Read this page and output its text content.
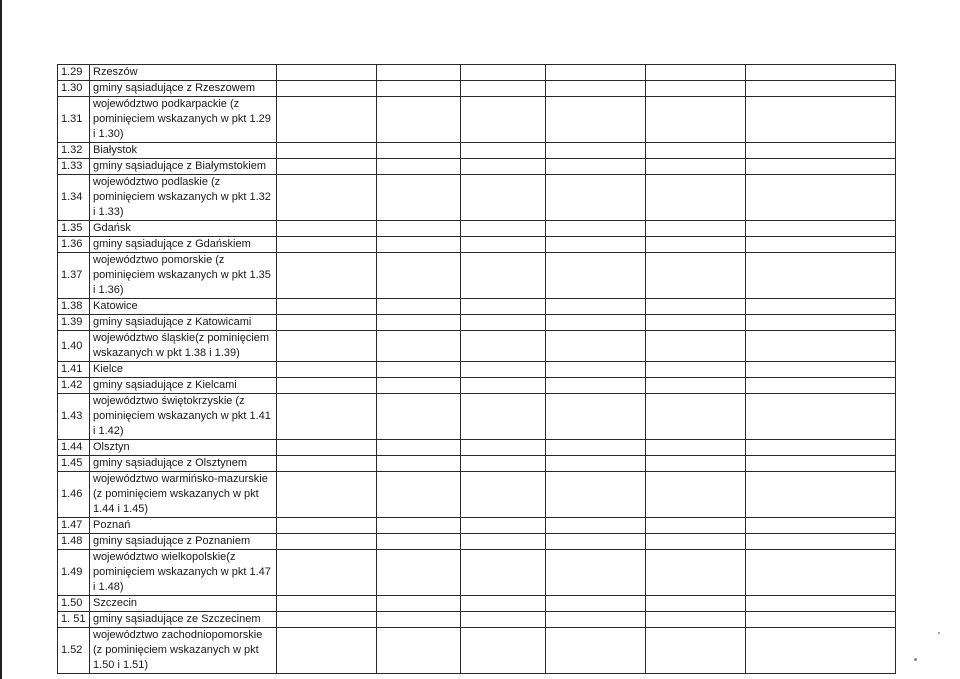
1.29	Rzeszów						
1.30	gminy sąsiadujące z Rzeszowem						
1.31	województwo podkarpackie (z pominięciem wskazanych w pkt 1.29 i 1.30)						
1.32	Białystok						
1.33	gminy sąsiadujące z Białymstokiem						
1.34	województwo podlaskie (z pominięciem wskazanych w pkt 1.32 i 1.33)						
1.35	Gdańsk						
1.36	gminy sąsiadujące z Gdańskiem						
1.37	województwo pomorskie (z pominięciem wskazanych w pkt 1.35 i 1.36)						
1.38	Katowice						
1.39	gminy sąsiadujące z Katowicami						
1.40	województwo śląskie(z pominięciem wskazanych w pkt 1.38 i 1.39)						
1.41	Kielce						
1.42	gminy sąsiadujące z Kielcami						
1.43	województwo świętokrzyskie (z pominięciem wskazanych w pkt 1.41 i 1.42)						
1.44	Olsztyn						
1.45	gminy sąsiadujące z Olsztynem						
1.46	województwo warmińsko-mazurskie (z pominięciem wskazanych w pkt 1.44 i 1.45)						
1.47	Poznań						
1.48	gminy sąsiadujące z Poznaniem						
1.49	województwo wielkopolskie(z pominięciem wskazanych w pkt 1.47 i 1.48)						
1.50	Szczecin						
1. 51	gminy sąsiadujące ze Szczecinem						
1.52	województwo zachodniopomorskie (z pominięciem wskazanych w pkt 1.50 i 1.51)						
